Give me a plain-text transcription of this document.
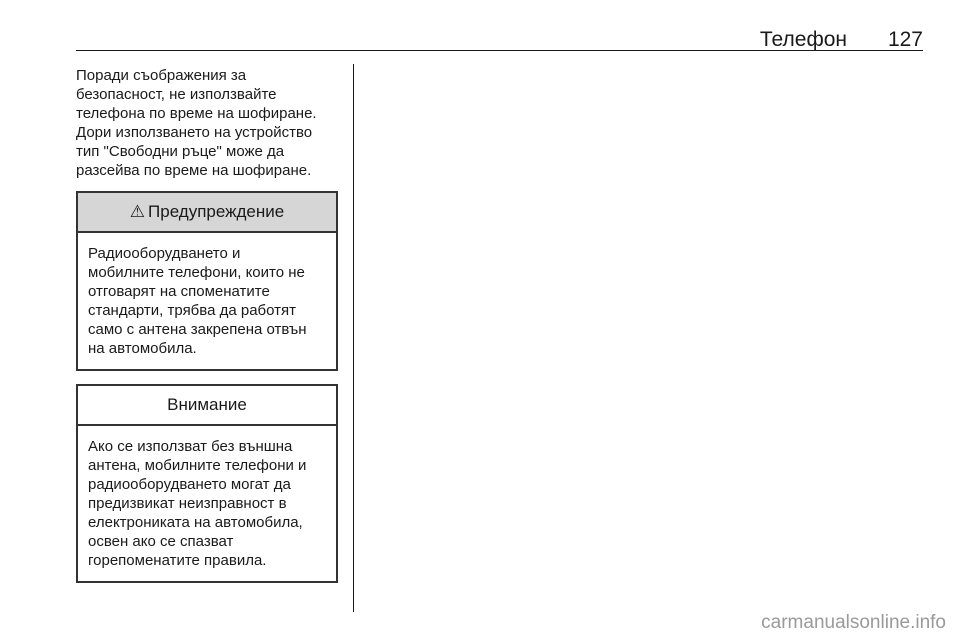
Телефон 127

Поради съображения за
безопасност, не използвайте
телефона по време на шофиране.
Дори използването на устройство
тип "Свободни ръце" може да
разсейва по време на шофиране.

⚠ Предупреждение
Радиооборудването и
мобилните телефони, които не
отговарят на споменатите
стандарти, трябва да работят
само с антена закрепена отвън
на автомобила.
Внимание
Ако се използват без външна
антена, мобилните телефони и
радиооборудването могат да
предизвикат неизправност в
електрониката на автомобила,
освен ако се спазват
горепоменатите правила.
carmanualsonline.info
